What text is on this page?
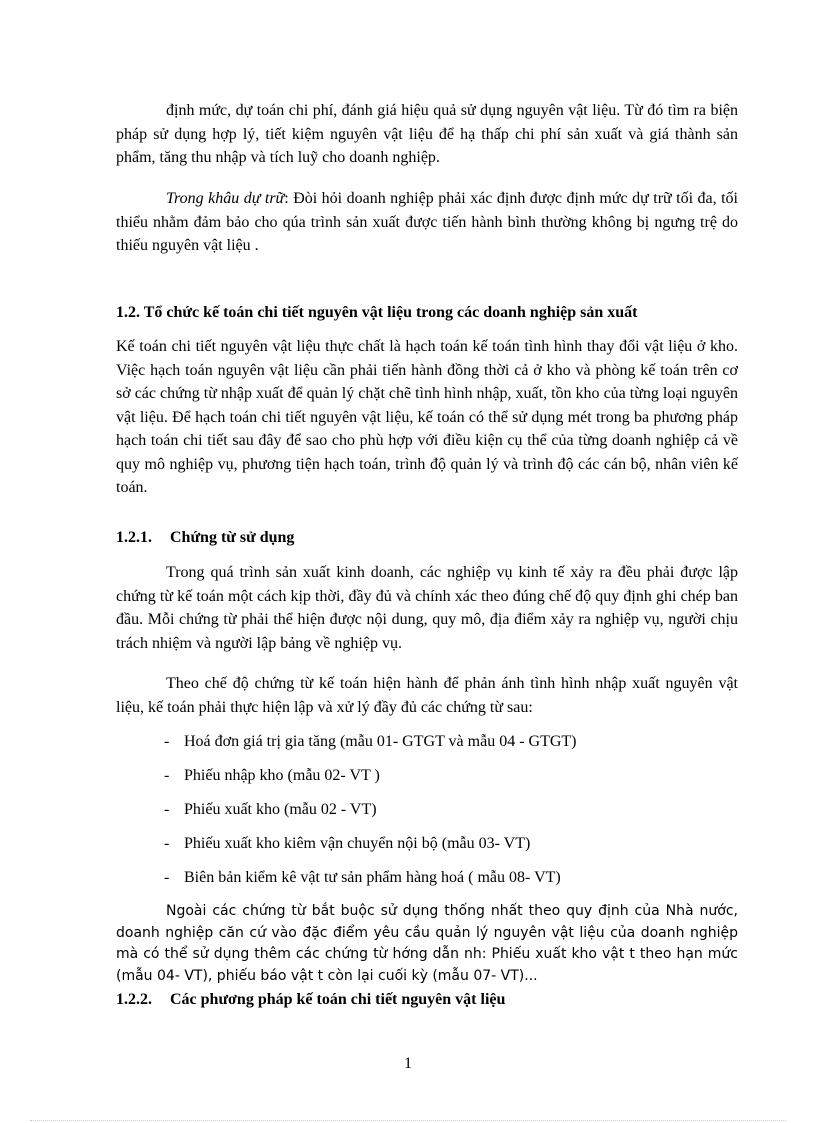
định mức, dự toán chi phí, đánh giá hiệu quả sử dụng nguyên vật liệu. Từ đó tìm ra biện pháp sử dụng hợp lý, tiết kiệm nguyên vật liệu để hạ thấp chi phí sản xuất và giá thành sản phẩm, tăng thu nhập và tích luỹ cho doanh nghiệp.

Trong khâu dự trữ: Đòi hỏi doanh nghiệp phải xác định được định mức dự trữ tối đa, tối thiểu nhằm đảm bảo cho qúa trình sản xuất được tiến hành bình thường không bị ngưng trệ do thiếu nguyên vật liệu .

1.2. Tổ chức kế toán chi tiết nguyên vật liệu trong các doanh nghiệp sản xuất

Kế toán chi tiết nguyên vật liệu thực chất là hạch toán kế toán tình hình thay đổi vật liệu ở kho. Việc hạch toán nguyên vật liệu cần phải tiến hành đồng thời cả ở kho và phòng kế toán trên cơ sở các chứng từ nhập xuất để quản lý chặt chẽ tình hình nhập, xuất, tồn kho của từng loại nguyên vật liệu. Để hạch toán chi tiết nguyên vật liệu, kế toán có thể sử dụng mét trong ba phương pháp hạch toán chi tiết sau đây để sao cho phù hợp với điều kiện cụ thể của từng doanh nghiệp cả về quy mô nghiệp vụ, phương tiện hạch toán, trình độ quản lý và trình độ các cán bộ, nhân viên kế toán.

1.2.1. Chứng từ sử dụng

Trong quá trình sản xuất kinh doanh, các nghiệp vụ kinh tế xảy ra đều phải được lập chứng từ kế toán một cách kịp thời, đầy đủ và chính xác theo đúng chế độ quy định ghi chép ban đầu. Mỗi chứng từ phải thể hiện được nội dung, quy mô, địa điểm xảy ra nghiệp vụ, người chịu trách nhiệm và người lập bảng về nghiệp vụ.

Theo chế độ chứng từ kế toán hiện hành để phản ánh tình hình nhập xuất nguyên vật liệu, kế toán phải thực hiện lập và xử lý đầy đủ các chứng từ sau:

- Hoá đơn giá trị gia tăng (mẫu 01- GTGT và mẫu 04 - GTGT)

- Phiếu nhập kho (mẫu 02- VT )

- Phiếu xuất kho (mẫu 02 - VT)

- Phiếu xuất kho kiêm vận chuyển nội bộ (mẫu 03- VT)

- Biên bản kiểm kê vật tư sản phẩm hàng hoá ( mẫu 08- VT)

Ngoài các chứng từ bắt buộc sử dụng thống nhất theo quy định của Nhà nước, doanh nghiệp căn cứ vào đặc điểm yêu cầu quản lý nguyên vật liệu của doanh nghiệp mà có thể sử dụng thêm các chứng từ hớng dẫn nh: Phiếu xuất kho vật t theo hạn mức (mẫu 04- VT), phiếu báo vật t còn lại cuối kỳ (mẫu 07- VT)...

1.2.2. Các phương pháp kế toán chi tiết nguyên vật liệu
1
